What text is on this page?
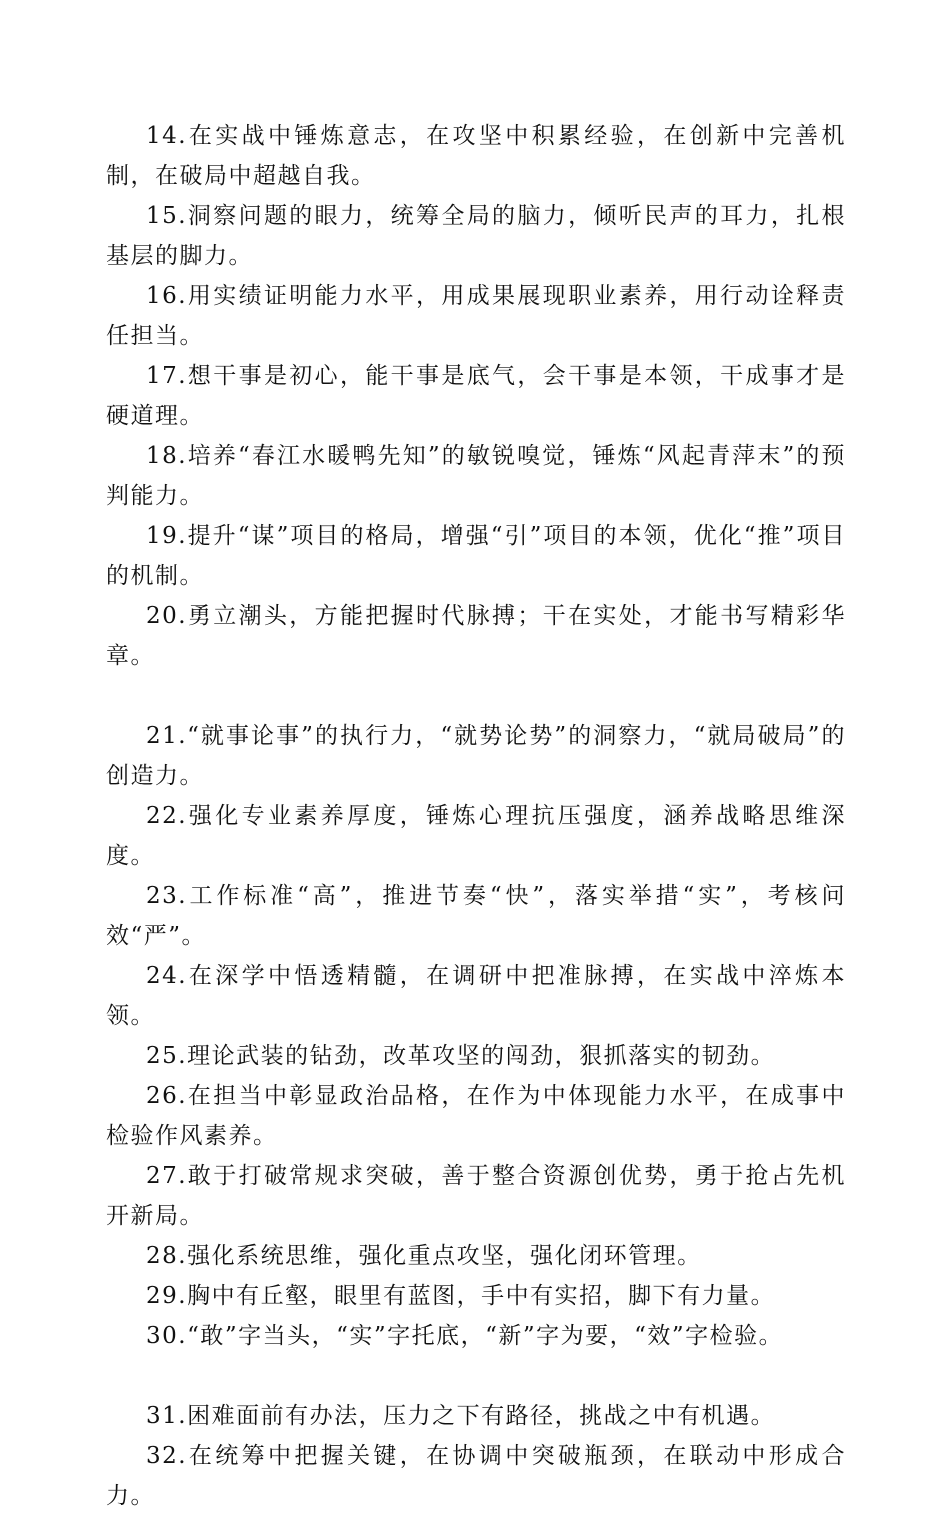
14.在实战中锤炼意志，在攻坚中积累经验，在创新中完善机制，在破局中超越自我。

15.洞察问题的眼力，统筹全局的脑力，倾听民声的耳力，扎根基层的脚力。

16.用实绩证明能力水平，用成果展现职业素养，用行动诠释责任担当。

17.想干事是初心，能干事是底气，会干事是本领，干成事才是硬道理。

18.培养“春江水暖鸭先知”的敏锐嗅觉，锤炼“风起青萍末”的预判能力。

19.提升“谋”项目的格局，增强“引”项目的本领，优化“推”项目的机制。

20.勇立潮头，方能把握时代脉搏；干在实处，才能书写精彩华章。

21.“就事论事”的执行力，“就势论势”的洞察力，“就局破局”的创造力。

22.强化专业素养厚度，锤炼心理抗压强度，涵养战略思维深度。

23.工作标准“高”，推进节奏“快”，落实举措“实”，考核问效“严”。

24.在深学中悟透精髓，在调研中把准脉搏，在实战中淬炼本领。

25.理论武装的钻劲，改革攻坚的闯劲，狠抓落实的韧劲。

26.在担当中彰显政治品格，在作为中体现能力水平，在成事中检验作风素养。

27.敢于打破常规求突破，善于整合资源创优势，勇于抢占先机开新局。

28.强化系统思维，强化重点攻坚，强化闭环管理。

29.胸中有丘壑，眼里有蓝图，手中有实招，脚下有力量。

30.“敢”字当头，“实”字托底，“新”字为要，“效”字检验。

31.困难面前有办法，压力之下有路径，挑战之中有机遇。

32.在统筹中把握关键，在协调中突破瓶颈，在联动中形成合力。
